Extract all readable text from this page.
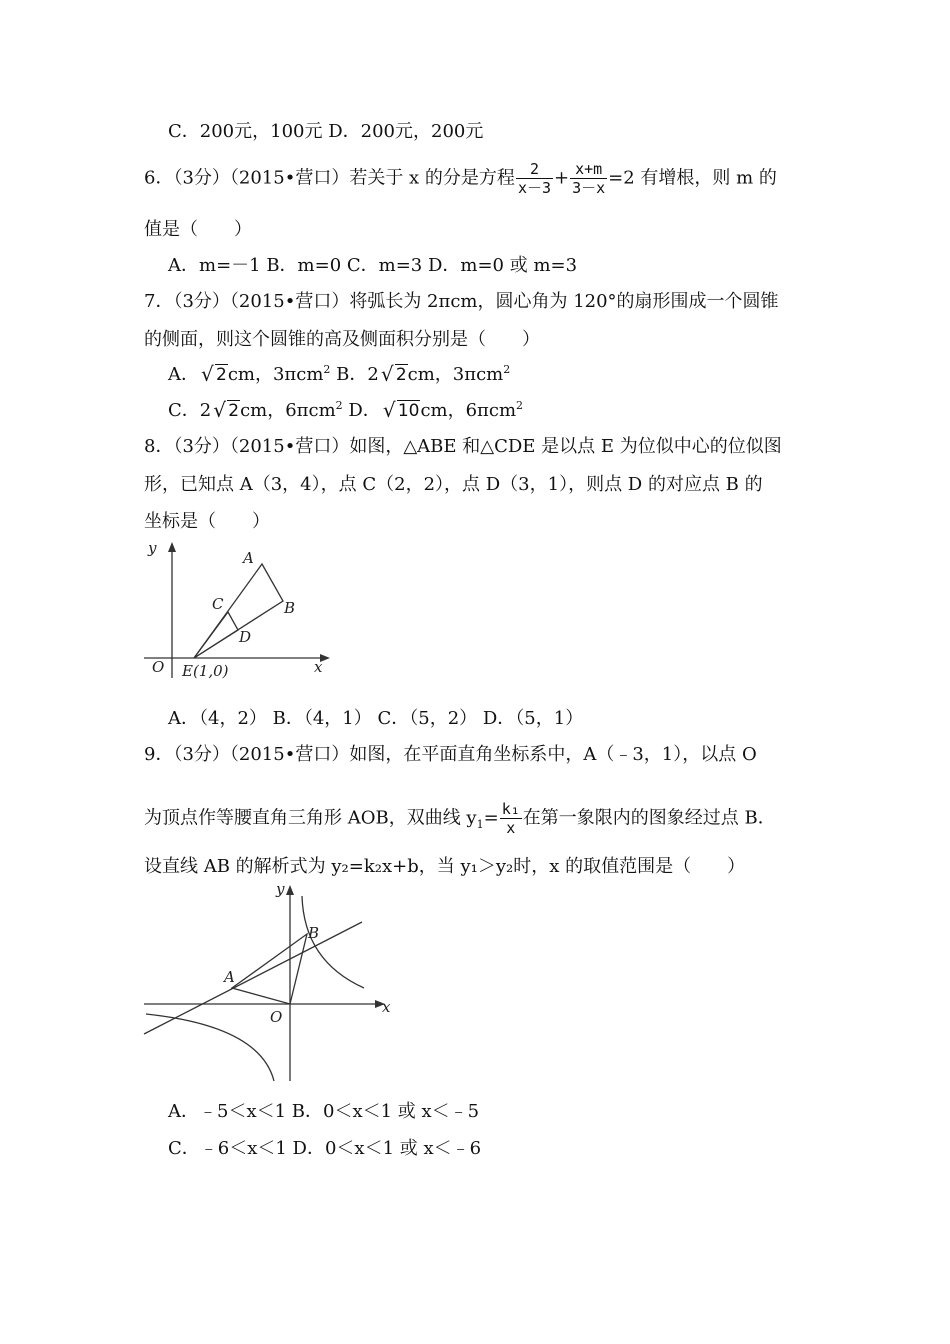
C．200元，100元 D．200元，200元
6．（3分）（2015•营口）若关于 x 的分是方程 $\frac{2}{x-3} + \frac{x+m}{3-x} =2$ 有增根，则 m 的
值是（　　）
A．m=－1 B．m=0 C．m=3 D．m=0 或 m=3
7．（3分）（2015•营口）将弧长为 2πcm，圆心角为 120°的扇形围成一个圆锥
的侧面，则这个圆锥的高及侧面积分别是（　　）
A． √ 2cm，3πcm$^2$ B．2 √ 2cm，3πcm$^2$
C．2 √ 2cm，6πcm$^2$ D． √ 10cm，6πcm$^2$
8．（3分）（2015•营口）如图，△ABE 和△CDE 是以点 E 为位似中心的位似图
形，已知点 A（3，4），点 C（2，2），点 D（3，1），则点 D 的对应点 B 的
坐标是（　　）
y
x
O
A
B
C
D
E(1,0)
A．（4，2） B．（4，1） C．（5，2） D．（5，1）
9．（3分）（2015•营口）如图，在平面直角坐标系中，A（﹣3，1），以点 O
为顶点作等腰直角三角形 AOB，双曲线 $y_1= \frac{\text{k₁}}{x}$ 在第一象限内的图象经过点 B．
设直线 AB 的解析式为 y₂=k₂x+b，当 y₁＞y₂时，x 的取值范围是（　　）
y
x
O
A
B
A．﹣5＜x＜1 B．0＜x＜1 或 x＜﹣5
C．﹣6＜x＜1 D．0＜x＜1 或 x＜﹣6
